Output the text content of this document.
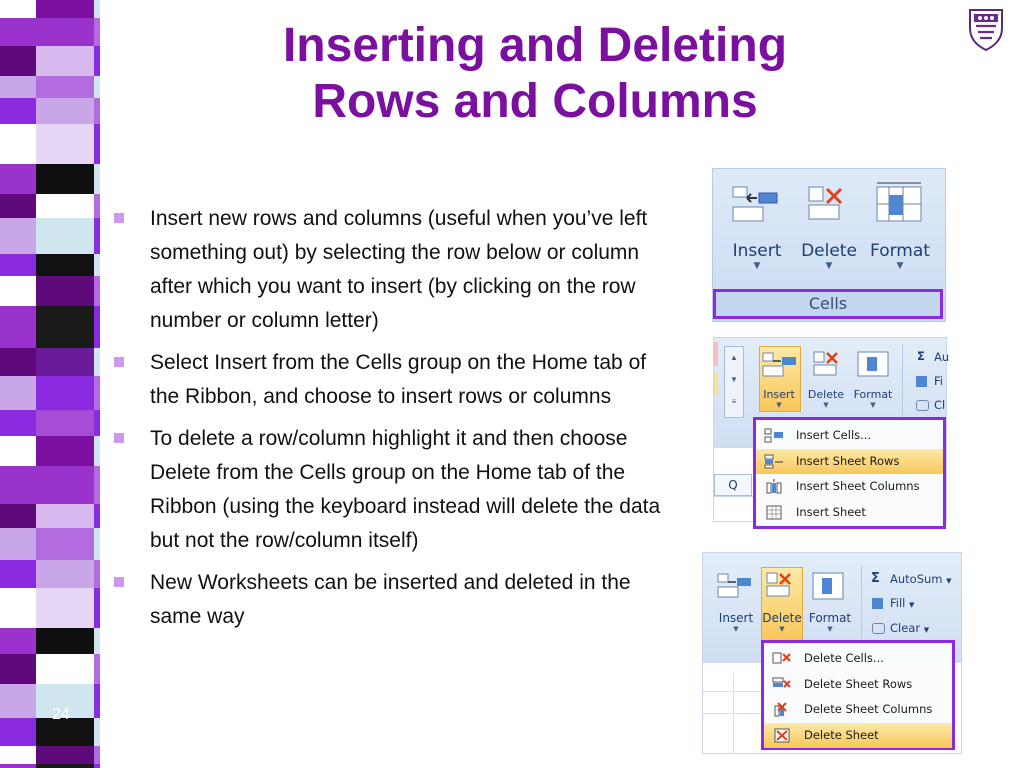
Inserting and Deleting
Rows and Columns
Insert new rows and columns (useful when you’ve left something out) by selecting the row below or column after which you want to insert (by clicking on the row number or column letter)
Select Insert from the Cells group on the Home tab of the Ribbon, and choose to insert rows or columns
To delete a row/column highlight it and then choose Delete from the Cells group on the Home tab of the Ribbon (using the keyboard instead will delete the data but not the row/column itself)
New Worksheets can be inserted and deleted in the same way
24
Insert
▼
Delete
▼
Format
▼
Cells
▲
▼
≡
Insert
▼
Delete
▼
Format
▼
Σ Au
Fi
Cl
Q
Insert Cells...
Insert Sheet Rows
Insert Sheet Columns
Insert Sheet
Insert
▼
Delete
▼
Format
▼
Σ AutoSum ▼
Fill ▼
Clear ▼
Delete Cells...
Delete Sheet Rows
Delete Sheet Columns
Delete Sheet
